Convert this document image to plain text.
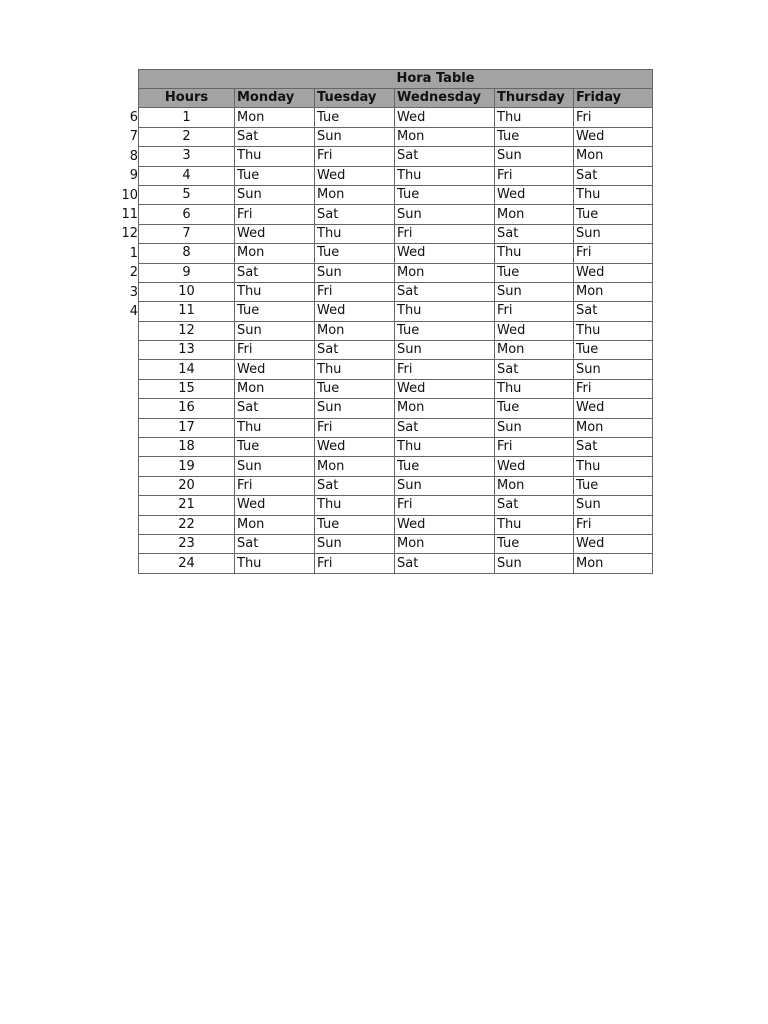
6
7
8
9
10
11
12
1
2
3
4
Hora Table					
Hours	Monday	Tuesday	Wednesday	Thursday	Friday
1	Mon	Tue	Wed	Thu	Fri
2	Sat	Sun	Mon	Tue	Wed
3	Thu	Fri	Sat	Sun	Mon
4	Tue	Wed	Thu	Fri	Sat
5	Sun	Mon	Tue	Wed	Thu
6	Fri	Sat	Sun	Mon	Tue
7	Wed	Thu	Fri	Sat	Sun
8	Mon	Tue	Wed	Thu	Fri
9	Sat	Sun	Mon	Tue	Wed
10	Thu	Fri	Sat	Sun	Mon
11	Tue	Wed	Thu	Fri	Sat
12	Sun	Mon	Tue	Wed	Thu
13	Fri	Sat	Sun	Mon	Tue
14	Wed	Thu	Fri	Sat	Sun
15	Mon	Tue	Wed	Thu	Fri
16	Sat	Sun	Mon	Tue	Wed
17	Thu	Fri	Sat	Sun	Mon
18	Tue	Wed	Thu	Fri	Sat
19	Sun	Mon	Tue	Wed	Thu
20	Fri	Sat	Sun	Mon	Tue
21	Wed	Thu	Fri	Sat	Sun
22	Mon	Tue	Wed	Thu	Fri
23	Sat	Sun	Mon	Tue	Wed
24	Thu	Fri	Sat	Sun	Mon
